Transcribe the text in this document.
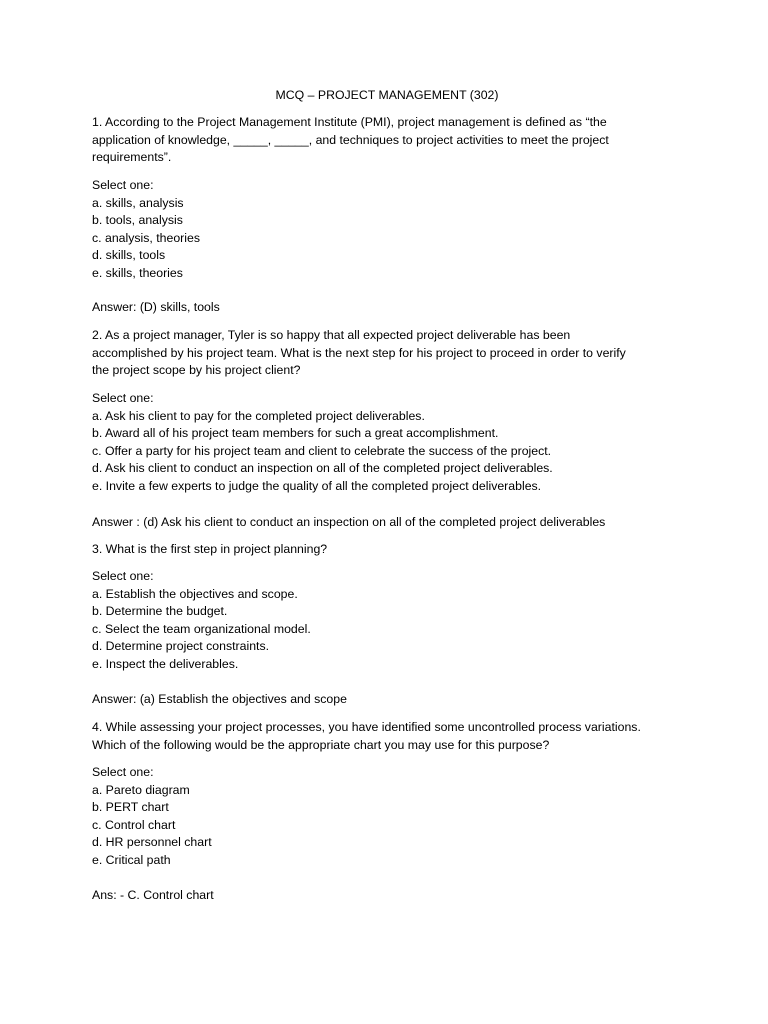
MCQ – PROJECT MANAGEMENT (302)
1. According to the Project Management Institute (PMI), project management is defined as “the
application of knowledge, _____, _____, and techniques to project activities to meet the project
requirements”.
Select one:
a. skills, analysis
b. tools, analysis
c. analysis, theories
d. skills, tools
e. skills, theories
Answer: (D) skills, tools
2. As a project manager, Tyler is so happy that all expected project deliverable has been
accomplished by his project team. What is the next step for his project to proceed in order to verify
the project scope by his project client?
Select one:
a. Ask his client to pay for the completed project deliverables.
b. Award all of his project team members for such a great accomplishment.
c. Offer a party for his project team and client to celebrate the success of the project.
d. Ask his client to conduct an inspection on all of the completed project deliverables.
e. Invite a few experts to judge the quality of all the completed project deliverables.
Answer : (d) Ask his client to conduct an inspection on all of the completed project deliverables
3. What is the first step in project planning?
Select one:
a. Establish the objectives and scope.
b. Determine the budget.
c. Select the team organizational model.
d. Determine project constraints.
e. Inspect the deliverables.
Answer: (a) Establish the objectives and scope
4. While assessing your project processes, you have identified some uncontrolled process variations.
Which of the following would be the appropriate chart you may use for this purpose?
Select one:
a. Pareto diagram
b. PERT chart
c. Control chart
d. HR personnel chart
e. Critical path
Ans: - C. Control chart
